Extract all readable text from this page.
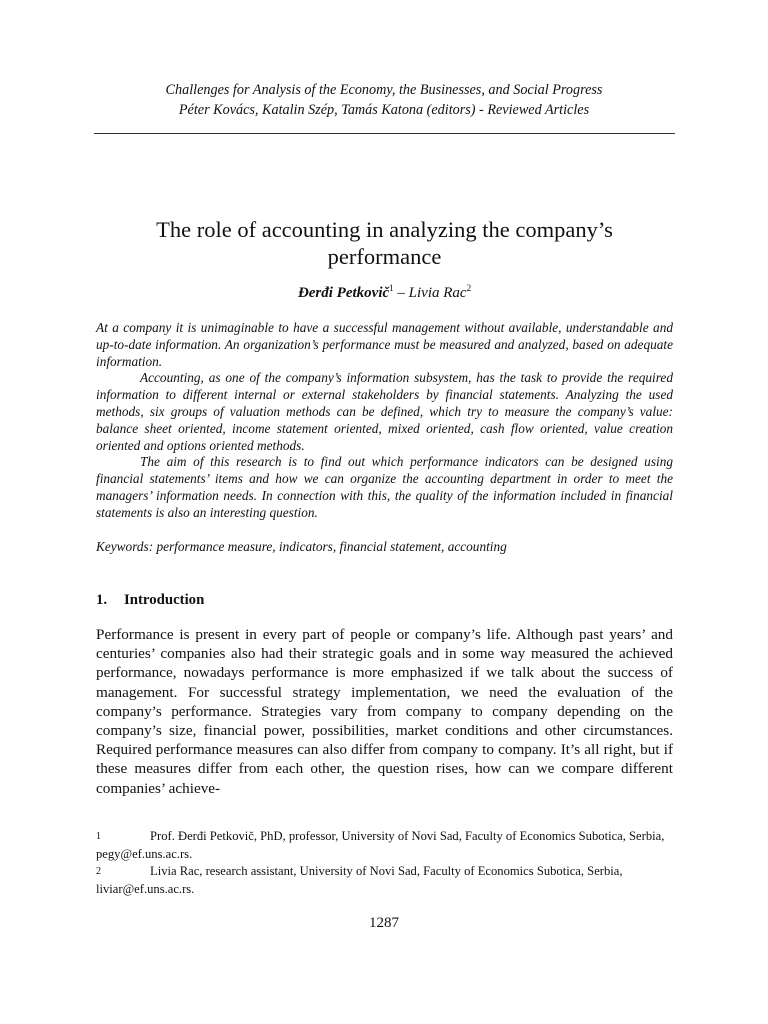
Challenges for Analysis of the Economy, the Businesses, and Social Progress
Péter Kovács, Katalin Szép, Tamás Katona (editors) - Reviewed Articles
The role of accounting in analyzing the company’s
performance
Đerđi Petkovič$^1$ – Livia Rac$^2$

At a company it is unimaginable to have a successful management without available, understandable and up-to-date information. An organization’s performance must be measured and analyzed, based on adequate information.

Accounting, as one of the company’s information subsystem, has the task to provide the required information to different internal or external stakeholders by financial statements. Analyzing the used methods, six groups of valuation methods can be defined, which try to measure the company’s value: balance sheet oriented, income statement oriented, mixed oriented, cash flow oriented, value creation oriented and options oriented methods.

The aim of this research is to find out which performance indicators can be designed using financial statements’ items and how we can organize the accounting department in order to meet the managers’ information needs. In connection with this, the quality of the information included in financial statements is also an interesting question.

Keywords: performance measure, indicators, financial statement, accounting
1. Introduction

Performance is present in every part of people or company’s life. Although past years’ and centuries’ companies also had their strategic goals and in some way measured the achieved performance, nowadays performance is more emphasized if we talk about the success of management. For successful strategy implementation, we need the evaluation of the company’s performance. Strategies vary from company to company depending on the company’s size, financial power, possibilities, market conditions and other circumstances. Required performance measures can also differ from company to company. It’s all right, but if these measures differ from each other, the question rises, how can we compare different companies’ achieve-

1	Prof. Đerđi Petkovič, PhD, professor, University of Novi Sad, Faculty of Economics Subotica, Serbia, pegy@ef.uns.ac.rs.

2	Livia Rac, research assistant, University of Novi Sad, Faculty of Economics Subotica, Serbia, liviar@ef.uns.ac.rs.

1287
